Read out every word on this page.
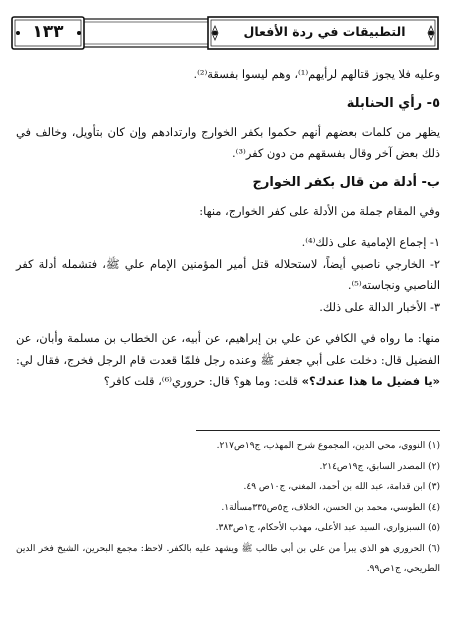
التطبيقات في ردة الأفعال
١٣٣

وعليه فلا يجوز قتالهم لرأيهم⁽¹⁾، وهم ليسوا بفسقة⁽²⁾.

٥- رأي الحنابلة

يظهر من كلمات بعضهم أنهم حكموا بكفر الخوارج وارتدادهم وإن كان بتأويل، وخالف في ذلك بعض آخر وقال بفسقهم من دون كفر⁽³⁾.

ب- أدلة من قال بكفر الخوارج

وفي المقام جملة من الأدلة على كفر الخوارج، منها:

١- إجماع الإمامية على ذلك⁽⁴⁾.

٢- الخارجي ناصبي أيضاً، لاستحلاله قتل أمير المؤمنين الإمام علي ﷺ، فتشمله أدلة كفر الناصبي ونجاسته⁽⁵⁾.

٣- الأخبار الدالة على ذلك.

منها: ما رواه في الكافي عن علي بن إبراهيم، عن أبيه، عن الخطاب بن مسلمة وأبان، عن الفضيل قال: دخلت على أبي جعفر ﷺ وعنده رجل فلمّا قعدت قام الرجل فخرج، فقال لي: «يا فضيل ما هذا عندك؟» قلت: وما هو؟ قال: حروري⁽⁶⁾، قلت كافر؟

(١) النووي، محي الدين، المجموع شرح المهذب، ج١٩ص٢١٧.

(٢) المصدر السابق، ج١٩ص٢١٤.

(٣) ابن قدامة، عبد الله بن أحمد، المغني، ج١٠ص ٤٩.

(٤) الطوسي، محمد بن الحسن، الخلاف، ج٥ص٣٣٥مسألة١.

(٥) السبزواري، السيد عبد الأعلى، مهذب الأحكام، ج١ص٣٨٣.

(٦) الحروري هو الذي يبرأ من علي بن أبي طالب ﷺ ويشهد عليه بالكفر. لاحظ: مجمع البحرين، الشيخ فخر الدين الطريحي، ج١ص٩٩.
